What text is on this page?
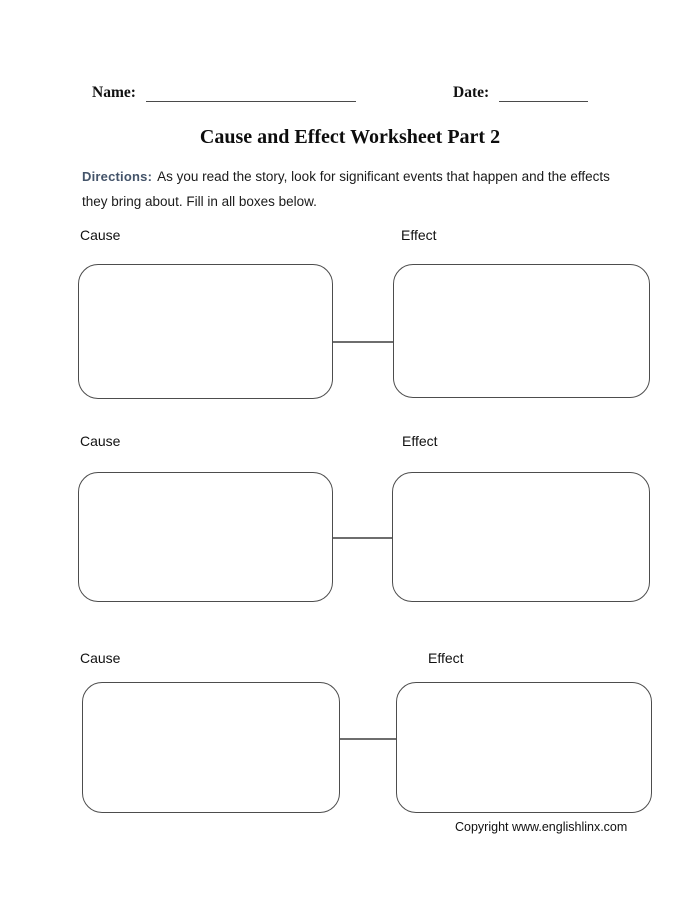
Name:	Date:
Cause and Effect Worksheet Part 2

Directions: As you read the story, look for significant events that happen and the effects they bring about. Fill in all boxes below.

Cause	Effect
Cause	Effect
Cause	Effect
Copyright www.englishlinx.com
